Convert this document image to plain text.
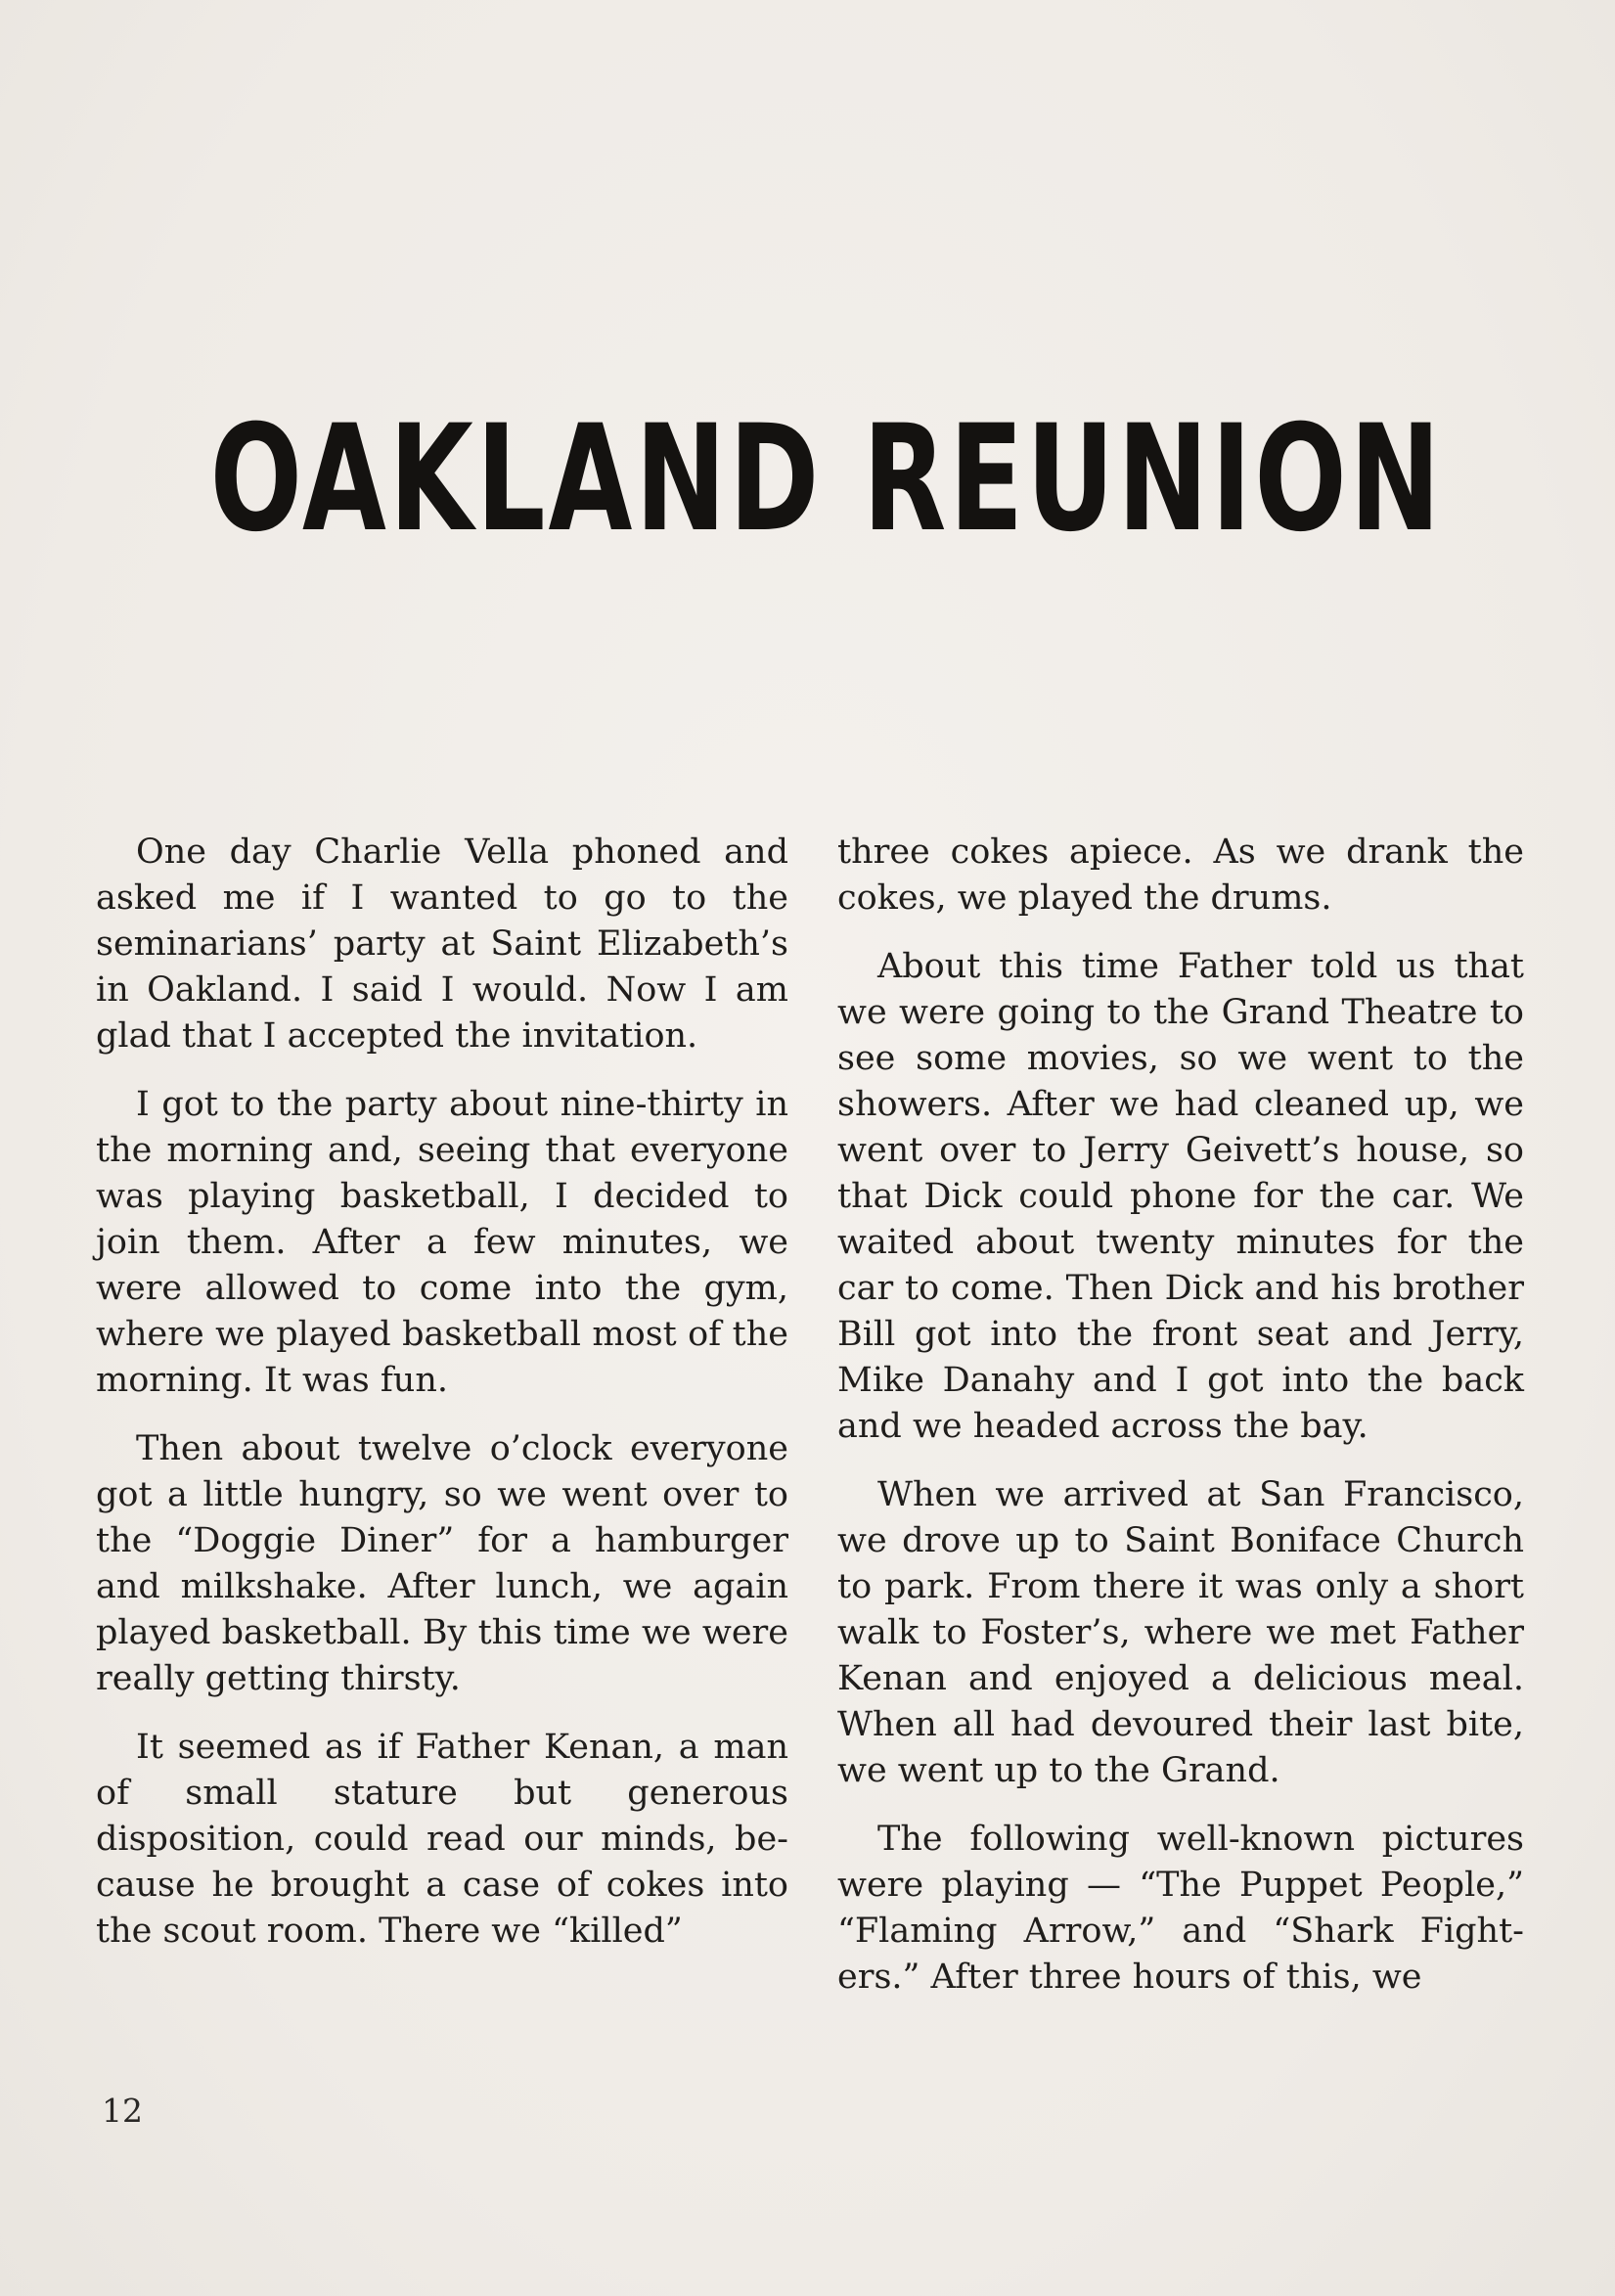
OAKLAND REUNION

One day Charlie Vella phoned and asked me if I wanted to go to the seminarians’ party at Saint Elizabeth’s in Oakland. I said I would. Now I am glad that I accepted the invitation.

I got to the party about nine-thirty in the morning and, seeing that everyone was playing basketball, I decided to join them. After a few minutes, we were allowed to come into the gym, where we played basketball most of the morning. It was fun.

Then about twelve o’clock everyone got a little hungry, so we went over to the “Doggie Diner” for a hamburger and milkshake. After lunch, we again played basketball. By this time we were really getting thirsty.

It seemed as if Father Kenan, a man of small stature but generous disposition, could read our minds, because he brought a case of cokes into the scout room. There we “killed”

three cokes apiece. As we drank the cokes, we played the drums.

About this time Father told us that we were going to the Grand Theatre to see some movies, so we went to the showers. After we had cleaned up, we went over to Jerry Geivett’s house, so that Dick could phone for the car. We waited about twenty minutes for the car to come. Then Dick and his brother Bill got into the front seat and Jerry, Mike Danahy and I got into the back and we headed across the bay.

When we arrived at San Francisco, we drove up to Saint Boniface Church to park. From there it was only a short walk to Foster’s, where we met Father Kenan and enjoyed a delicious meal. When all had devoured their last bite, we went up to the Grand.

The following well-known pictures were playing — “The Puppet People,” “Flaming Arrow,” and “Shark Fighters.” After three hours of this, we

12
